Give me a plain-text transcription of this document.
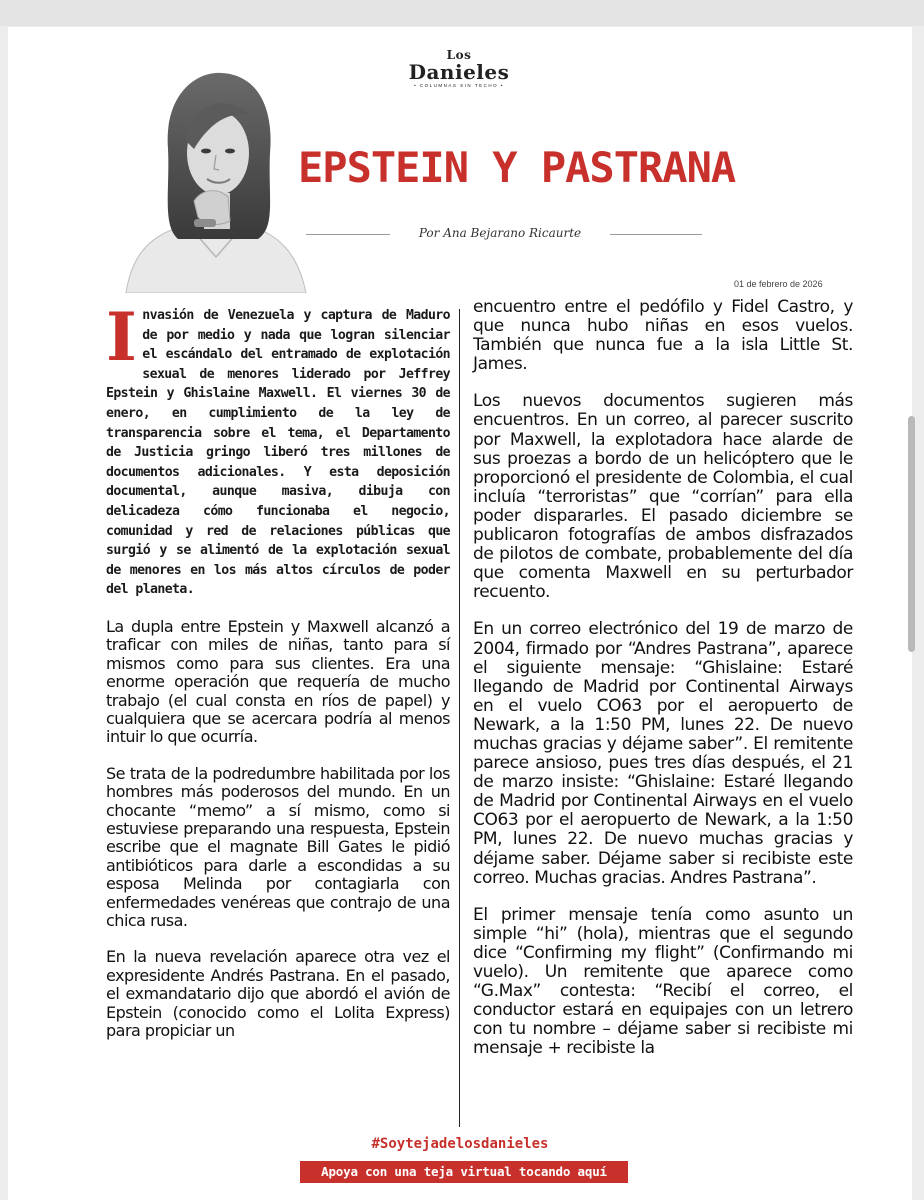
Los
Danieles
• COLUMNAS SIN TECHO •
EPSTEIN Y PASTRANA
Por Ana Bejarano Ricaurte
01 de febrero de 2026

Invasión de Venezuela y captura de Maduro de por medio y nada que logran silenciar el escándalo del entramado de explotación sexual de menores liderado por Jeffrey Epstein y Ghislaine Maxwell. El viernes 30 de enero, en cumplimiento de la ley de transparencia sobre el tema, el Departamento de Justicia gringo liberó tres millones de documentos adicionales. Y esta deposición documental, aunque masiva, dibuja con delicadeza cómo funcionaba el negocio, comunidad y red de relaciones públicas que surgió y se alimentó de la explotación sexual de menores en los más altos círculos de poder del planeta.

La dupla entre Epstein y Maxwell alcanzó a traficar con miles de niñas, tanto para sí mismos como para sus clientes. Era una enorme operación que requería de mucho trabajo (el cual consta en ríos de papel) y cualquiera que se acercara podría al menos intuir lo que ocurría.

Se trata de la podredumbre habilitada por los hombres más poderosos del mundo. En un chocante “memo” a sí mismo, como si estuviese preparando una respuesta, Epstein escribe que el magnate Bill Gates le pidió antibióticos para darle a escondidas a su esposa Melinda por contagiarla con enfermedades venéreas que contrajo de una chica rusa.

En la nueva revelación aparece otra vez el expresidente Andrés Pastrana. En el pasado, el exmandatario dijo que abordó el avión de Epstein (conocido como el Lolita Express) para propiciar un

encuentro entre el pedófilo y Fidel Castro, y que nunca hubo niñas en esos vuelos. También que nunca fue a la isla Little St. James.

Los nuevos documentos sugieren más encuentros. En un correo, al parecer suscrito por Maxwell, la explotadora hace alarde de sus proezas a bordo de un helicóptero que le proporcionó el presidente de Colombia, el cual incluía “terroristas” que “corrían” para ella poder dispararles. El pasado diciembre se publicaron fotografías de ambos disfrazados de pilotos de combate, probablemente del día que comenta Maxwell en su perturbador recuento.

En un correo electrónico del 19 de marzo de 2004, firmado por “Andres Pastrana”, aparece el siguiente mensaje: “Ghislaine: Estaré llegando de Madrid por Continental Airways en el vuelo CO63 por el aeropuerto de Newark, a la 1:50 PM, lunes 22. De nuevo muchas gracias y déjame saber”. El remitente parece ansioso, pues tres días después, el 21 de marzo insiste: “Ghislaine: Estaré llegando de Madrid por Continental Airways en el vuelo CO63 por el aeropuerto de Newark, a la 1:50 PM, lunes 22. De nuevo muchas gracias y déjame saber. Déjame saber si recibiste este correo. Muchas gracias. Andres Pastrana”.

El primer mensaje tenía como asunto un simple “hi” (hola), mientras que el segundo dice “Confirming my flight” (Confirmando mi vuelo). Un remitente que aparece como “G.Max” contesta: “Recibí el correo, el conductor estará en equipajes con un letrero con tu nombre – déjame saber si recibiste mi mensaje + recibiste la

#Soytejadelosdanieles
Apoya con una teja virtual tocando aquí
